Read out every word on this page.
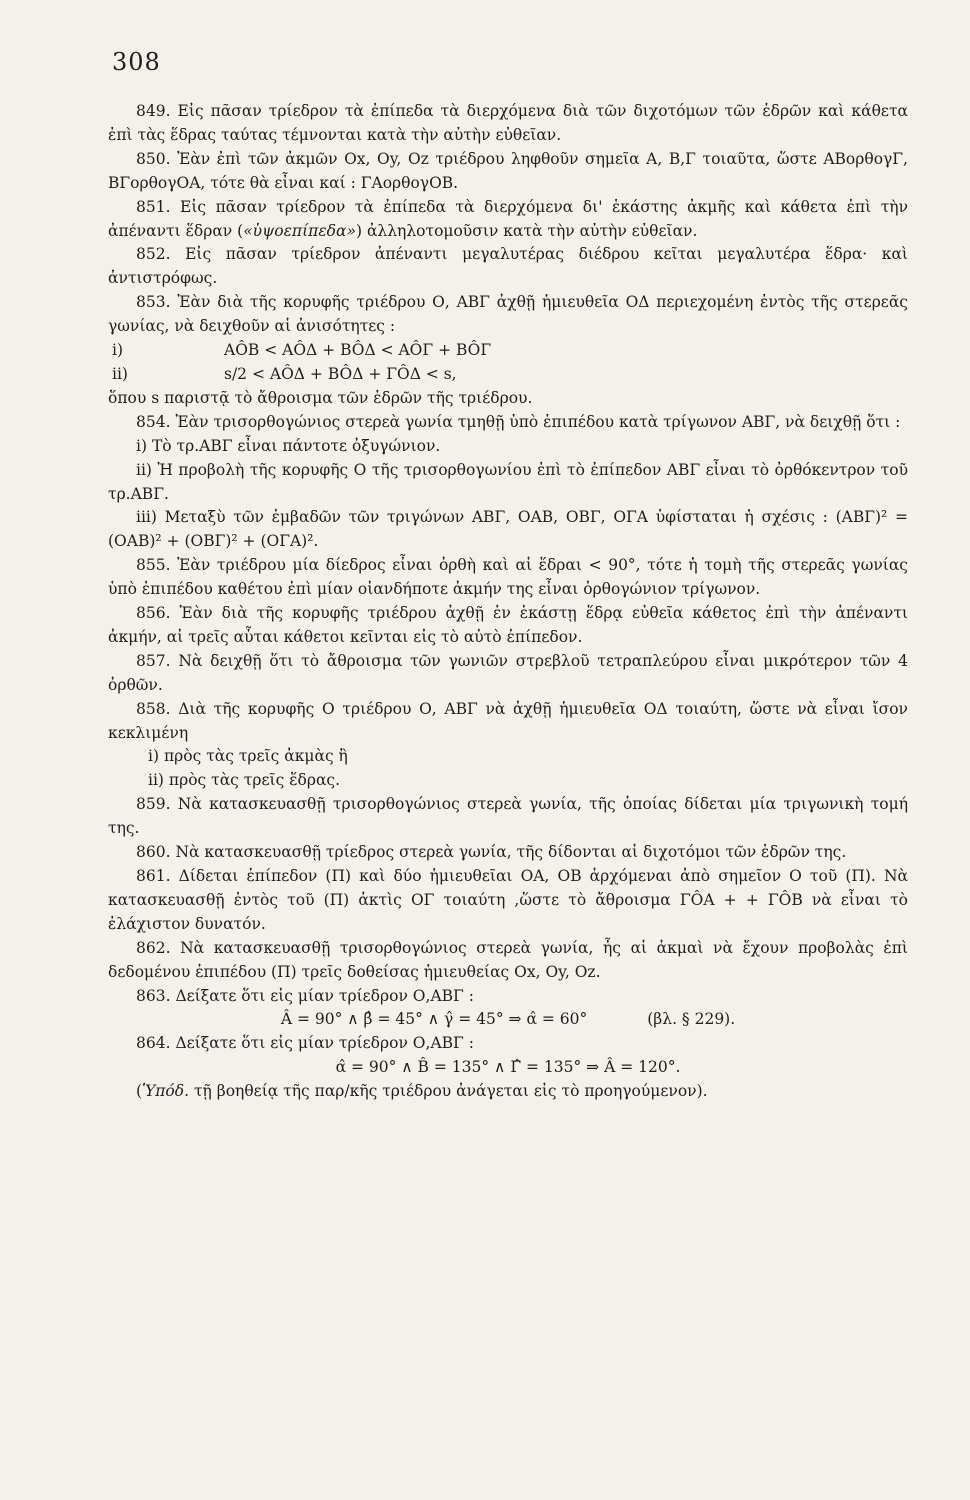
308

849. Εἰς πᾶσαν τρίεδρον τὰ ἐπίπεδα τὰ διερχόμενα διὰ τῶν διχοτόμων τῶν ἑδρῶν καὶ κάθετα ἐπὶ τὰς ἕδρας ταύτας τέμνονται κατὰ τὴν αὐτὴν εὐθεῖαν.

850. Ἐὰν ἐπὶ τῶν ἀκμῶν Ox, Oy, Oz τριέδρου ληφθοῦν σημεῖα A, B,Γ τοιαῦτα, ὥστε AΒορθογΓ, ΒΓορθογΟΑ, τότε θὰ εἶναι καί : ΓΑορθογΟΒ.

851. Εἰς πᾶσαν τρίεδρον τὰ ἐπίπεδα τὰ διερχόμενα δι' ἑκάστης ἀκμῆς καὶ κάθετα ἐπὶ τὴν ἀπέναντι ἕδραν («ὑψοεπίπεδα») ἀλληλοτομοῦσιν κατὰ τὴν αὐτὴν εὐθεῖαν.

852. Εἰς πᾶσαν τρίεδρον ἀπέναντι μεγαλυτέρας διέδρου κεῖται μεγαλυτέρα ἕδρα· καὶ ἀντιστρόφως.

853. Ἐὰν διὰ τῆς κορυφῆς τριέδρου Ο, ΑΒΓ ἀχθῇ ἡμιευθεῖα ΟΔ περιεχομένη ἐντὸς τῆς στερεᾶς γωνίας, νὰ δειχθοῦν αἱ ἀνισότητες :

i)	AÔB < AÔΔ + BÔΔ < AÔΓ + BÔΓ

ii)	s/2 < AÔΔ + BÔΔ + ΓÔΔ < s,

ὅπου s παριστᾷ τὸ ἄθροισμα τῶν ἑδρῶν τῆς τριέδρου.

854. Ἐὰν τρισορθογώνιος στερεὰ γωνία τμηθῇ ὑπὸ ἐπιπέδου κατὰ τρίγωνον ΑΒΓ, νὰ δειχθῇ ὅτι :

i) Τὸ τρ.ΑΒΓ εἶναι πάντοτε ὀξυγώνιον.

ii) Ἡ προβολὴ τῆς κορυφῆς Ο τῆς τρισορθογωνίου ἐπὶ τὸ ἐπίπεδον ΑΒΓ εἶναι τὸ ὀρθόκεντρον τοῦ τρ.ΑΒΓ.

iii) Μεταξὺ τῶν ἐμβαδῶν τῶν τριγώνων ΑΒΓ, ΟΑΒ, ΟΒΓ, ΟΓΑ ὑφίσταται ἡ σχέσις : (ΑΒΓ)² = (ΟΑΒ)² + (ΟΒΓ)² + (ΟΓΑ)².

855. Ἐὰν τριέδρου μία δίεδρος εἶναι ὀρθὴ καὶ αἱ ἕδραι < 90°, τότε ἡ τομὴ τῆς στερεᾶς γωνίας ὑπὸ ἐπιπέδου καθέτου ἐπὶ μίαν οἱανδήποτε ἀκμήν της εἶναι ὀρθογώνιον τρίγωνον.

856. Ἐὰν διὰ τῆς κορυφῆς τριέδρου ἀχθῇ ἐν ἑκάστῃ ἕδρᾳ εὐθεῖα κάθετος ἐπὶ τὴν ἀπέναντι ἀκμήν, αἱ τρεῖς αὗται κάθετοι κεῖνται εἰς τὸ αὐτὸ ἐπίπεδον.

857. Νὰ δειχθῇ ὅτι τὸ ἄθροισμα τῶν γωνιῶν στρεβλοῦ τετραπλεύρου εἶναι μικρότερον τῶν 4 ὀρθῶν.

858. Διὰ τῆς κορυφῆς Ο τριέδρου Ο, ΑΒΓ νὰ ἀχθῇ ἡμιευθεῖα ΟΔ τοιαύτη, ὥστε νὰ εἶναι ἴσον κεκλιμένη

i) πρὸς τὰς τρεῖς ἀκμὰς ἢ

ii) πρὸς τὰς τρεῖς ἕδρας.

859. Νὰ κατασκευασθῇ τρισορθογώνιος στερεὰ γωνία, τῆς ὁποίας δίδεται μία τριγωνικὴ τομή της.

860. Νὰ κατασκευασθῇ τρίεδρος στερεὰ γωνία, τῆς δίδονται αἱ διχοτόμοι τῶν ἑδρῶν της.

861. Δίδεται ἐπίπεδον (Π) καὶ δύο ἡμιευθεῖαι ΟΑ, ΟΒ ἀρχόμεναι ἀπὸ σημεῖον Ο τοῦ (Π). Νὰ κατασκευασθῇ ἐντὸς τοῦ (Π) ἀκτὶς ΟΓ τοιαύτη ,ὥστε τὸ ἄθροισμα ΓÔΑ + + ΓÔΒ νὰ εἶναι τὸ ἐλάχιστον δυνατόν.

862. Νὰ κατασκευασθῇ τρισορθογώνιος στερεὰ γωνία, ἧς αἱ ἀκμαὶ νὰ ἔχουν προβολὰς ἐπὶ δεδομένου ἐπιπέδου (Π) τρεῖς δοθείσας ἡμιευθείας Ox, Oy, Oz.

863. Δείξατε ὅτι εἰς μίαν τρίεδρον Ο,ΑΒΓ :

Â = 90° ∧ β̂ = 45° ∧ γ̂ = 45° ⇒ α̂ = 60°	(βλ. § 229).

864. Δείξατε ὅτι εἰς μίαν τρίεδρον Ο,ΑΒΓ :

α̂ = 90° ∧ B̂ = 135° ∧ Γ̂ = 135° ⇒ Â = 120°.

(Ὑπόδ. τῇ βοηθείᾳ τῆς παρ/κῆς τριέδρου ἀνάγεται εἰς τὸ προηγούμενον).
